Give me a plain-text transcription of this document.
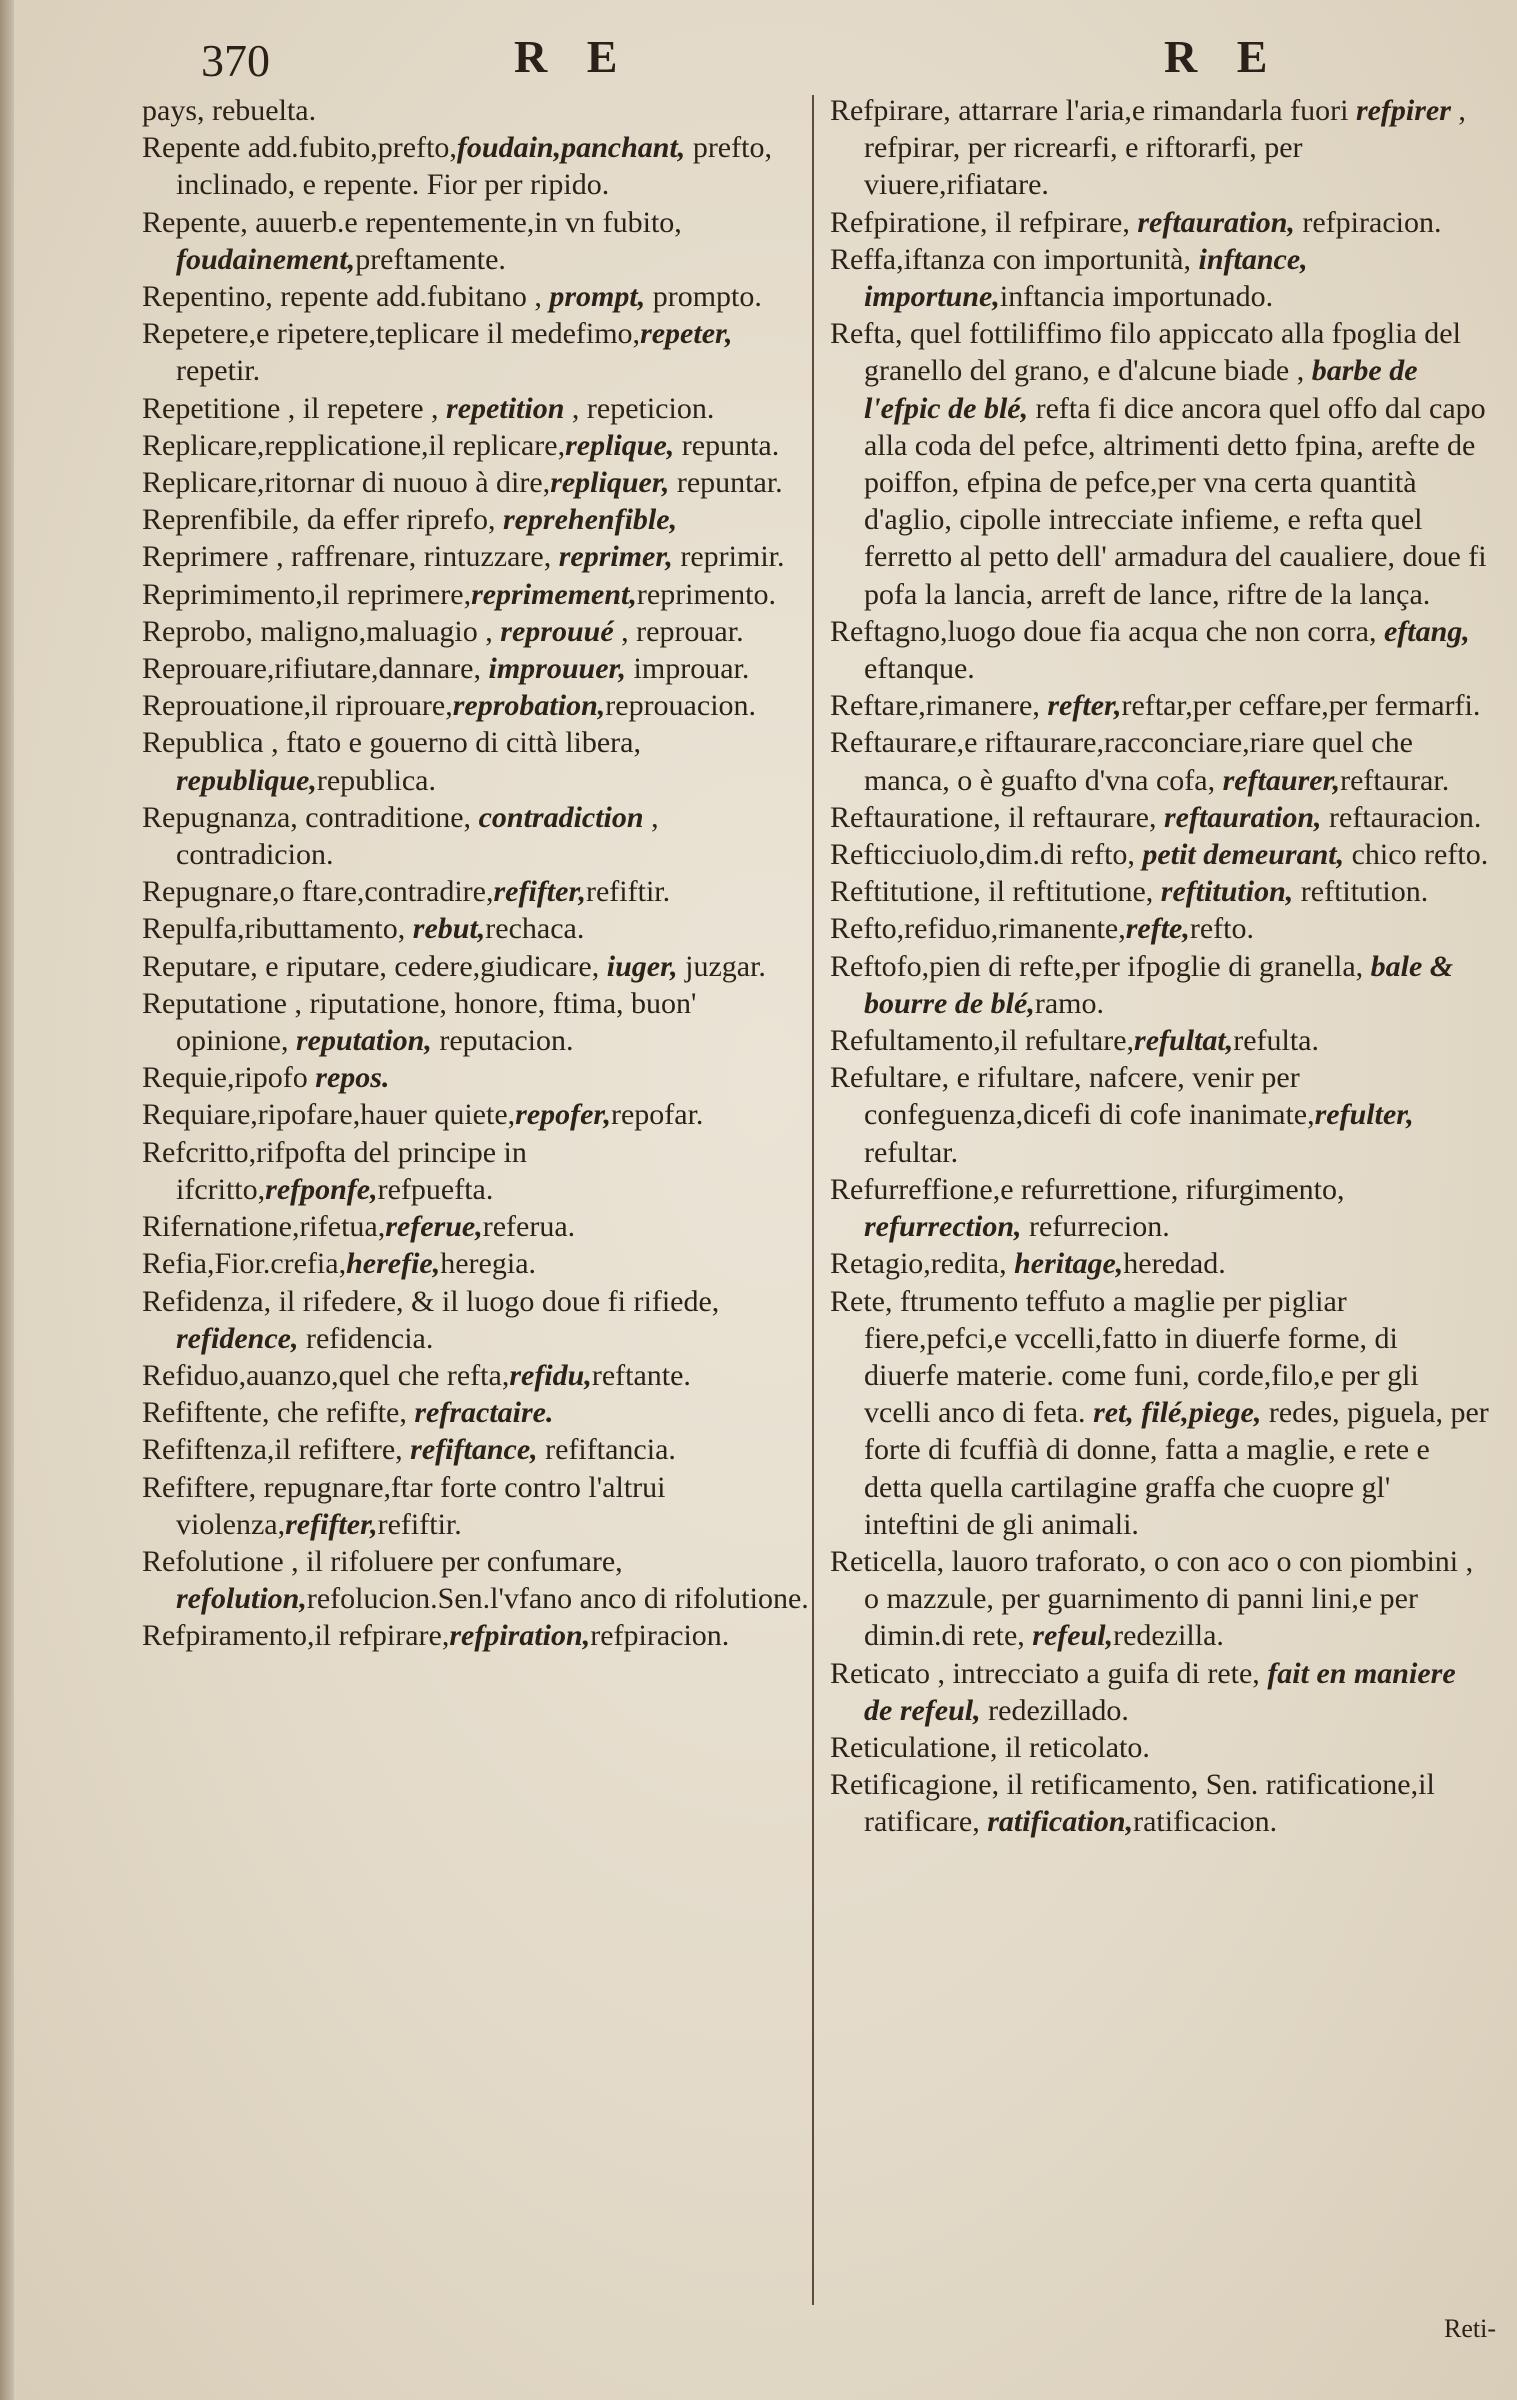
370	R E	R E

pays, rebuelta.

Repente add.fubito,prefto,foudain,panchant, prefto, inclinado, e repente. Fior per ripido.

Repente, auuerb.e repentemente,in vn fubito, foudainement,preftamente.

Repentino, repente add.fubitano , prompt, prompto.

Repetere,e ripetere,teplicare il medefimo,repeter, repetir.

Repetitione , il repetere , repetition , repeticion.

Replicare,repplicatione,il replicare,replique, repunta.

Replicare,ritornar di nuouo à dire,repliquer, repuntar.

Reprenfibile, da effer riprefo, reprehenfible,

Reprimere , raffrenare, rintuzzare, reprimer, reprimir.

Reprimimento,il reprimere,reprimement,reprimento.

Reprobo, maligno,maluagio , reprouué , reprouar.

Reprouare,rifiutare,dannare, improuuer, improuar.

Reprouatione,il riprouare,reprobation,reprouacion.

Republica , ftato e gouerno di città libera, republique,republica.

Repugnanza, contraditione, contradiction , contradicion.

Repugnare,o ftare,contradire,refifter,refiftir.

Repulfa,ributtamento, rebut,rechaca.

Reputare, e riputare, cedere,giudicare, iuger, juzgar.

Reputatione , riputatione, honore, ftima, buon' opinione, reputation, reputacion.

Requie,ripofo repos.

Requiare,ripofare,hauer quiete,repofer,repofar.

Refcritto,rifpofta del principe in ifcritto,refponfe,refpuefta.

Rifernatione,rifetua,referue,referua.

Refia,Fior.crefia,herefie,heregia.

Refidenza, il rifedere, & il luogo doue fi rifiede, refidence, refidencia.

Refiduo,auanzo,quel che refta,refidu,reftante.

Refiftente, che refifte, refractaire.

Refiftenza,il refiftere, refiftance, refiftancia.

Refiftere, repugnare,ftar forte contro l'altrui violenza,refifter,refiftir.

Refolutione , il rifoluere per confumare, refolution,refolucion.Sen.l'vfano anco di rifolutione.

Refpiramento,il refpirare,refpiration,refpiracion.

Refpirare, attarrare l'aria,e rimandarla fuori refpirer , refpirar, per ricrearfi, e riftorarfi, per viuere,rifiatare.

Refpiratione, il refpirare, reftauration, refpiracion.

Reffa,iftanza con importunità, inftance, importune,inftancia importunado.

Refta, quel fottiliffimo filo appiccato alla fpoglia del granello del grano, e d'alcune biade , barbe de l'efpic de blé, refta fi dice ancora quel offo dal capo alla coda del pefce, altrimenti detto fpina, arefte de poiffon, efpina de pefce,per vna certa quantità d'aglio, cipolle intrecciate infieme, e refta quel ferretto al petto dell' armadura del caualiere, doue fi pofa la lancia, arreft de lance, riftre de la lança.

Reftagno,luogo doue fia acqua che non corra, eftang, eftanque.

Reftare,rimanere, refter,reftar,per ceffare,per fermarfi.

Reftaurare,e riftaurare,racconciare,riare quel che manca, o è guafto d'vna cofa, reftaurer,reftaurar.

Reftauratione, il reftaurare, reftauration, reftauracion.

Refticciuolo,dim.di refto, petit demeurant, chico refto.

Reftitutione, il reftitutione, reftitution, reftitution.

Refto,refiduo,rimanente,refte,refto.

Reftofo,pien di refte,per ifpoglie di granella, bale & bourre de blé,ramo.

Refultamento,il refultare,refultat,refulta.

Refultare, e rifultare, nafcere, venir per confeguenza,dicefi di cofe inanimate,refulter, refultar.

Refurreffione,e refurrettione, rifurgimento, refurrection, refurrecion.

Retagio,redita, heritage,heredad.

Rete, ftrumento teffuto a maglie per pigliar fiere,pefci,e vccelli,fatto in diuerfe forme, di diuerfe materie. come funi, corde,filo,e per gli vcelli anco di feta. ret, filé,piege, redes, piguela, per forte di fcuffià di donne, fatta a maglie, e rete e detta quella cartilagine graffa che cuopre gl' inteftini de gli animali.

Reticella, lauoro traforato, o con aco o con piombini , o mazzule, per guarnimento di panni lini,e per dimin.di rete, refeul,redezilla.

Reticato , intrecciato a guifa di rete, fait en maniere de refeul, redezillado.

Reticulatione, il reticolato.

Retificagione, il retificamento, Sen. ratificatione,il ratificare, ratification,ratificacion.

Reti-
